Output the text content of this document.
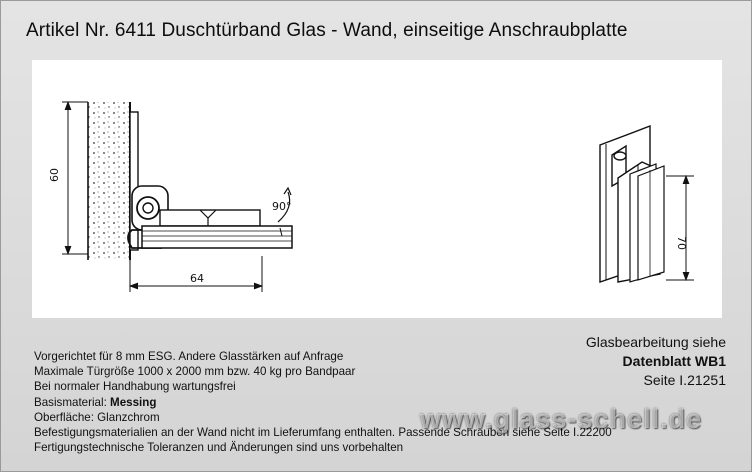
Artikel Nr. 6411 Duschtürband Glas - Wand, einseitige Anschraubplatte
60
64
90°
70
Glasbearbeitung siehe
Datenblatt WB1
Seite I.21251
Vorgerichtet für 8 mm ESG. Andere Glasstärken auf Anfrage
Maximale Türgröße 1000 x 2000 mm bzw. 40 kg pro Bandpaar
Bei normaler Handhabung wartungsfrei
Basismaterial: Messing
Oberfläche: Glanzchrom
Befestigungsmaterialien an der Wand nicht im Lieferumfang enthalten. Passende Schrauben siehe Seite I.22200
Fertigungstechnische Toleranzen und Änderungen sind uns vorbehalten
www.glass-schell.de
